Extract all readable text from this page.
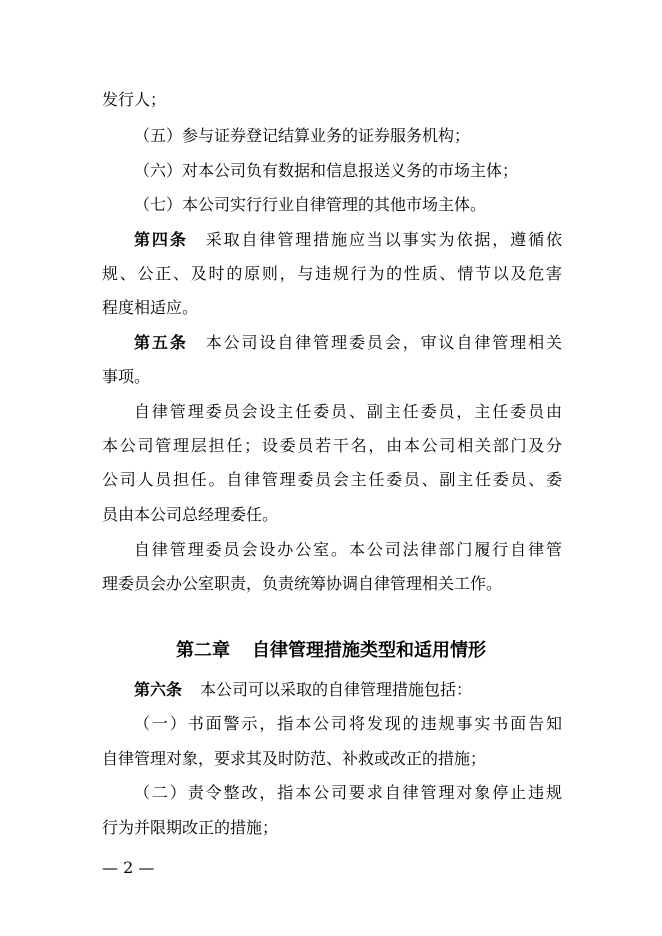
发行人；
（五）参与证券登记结算业务的证券服务机构；
（六）对本公司负有数据和信息报送义务的市场主体；
（七）本公司实行行业自律管理的其他市场主体。
第四条 采取自律管理措施应当以事实为依据，遵循依
规、公正、及时的原则，与违规行为的性质、情节以及危害
程度相适应。
第五条 本公司设自律管理委员会，审议自律管理相关
事项。
自律管理委员会设主任委员、副主任委员，主任委员由
本公司管理层担任；设委员若干名，由本公司相关部门及分
公司人员担任。自律管理委员会主任委员、副主任委员、委
员由本公司总经理委任。
自律管理委员会设办公室。本公司法律部门履行自律管
理委员会办公室职责，负责统筹协调自律管理相关工作。
第二章 自律管理措施类型和适用情形
第六条 本公司可以采取的自律管理措施包括：
（一）书面警示，指本公司将发现的违规事实书面告知
自律管理对象，要求其及时防范、补救或改正的措施；
（二）责令整改，指本公司要求自律管理对象停止违规
行为并限期改正的措施；
— 2 —
